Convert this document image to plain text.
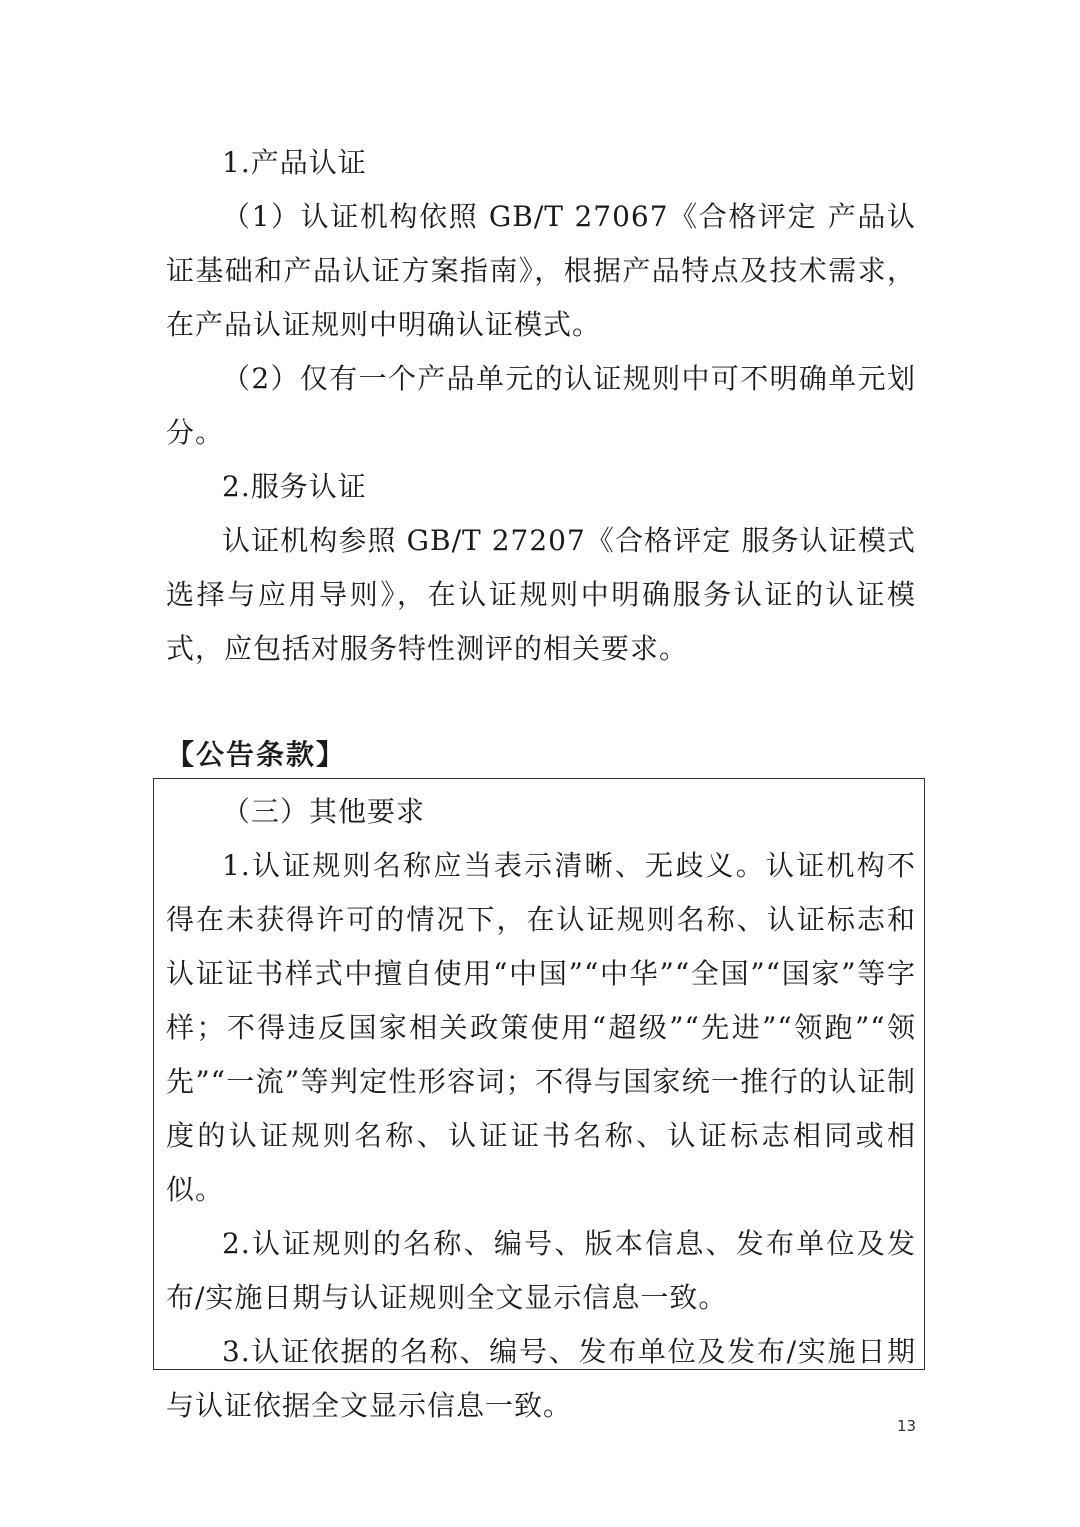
1.产品认证

（1）认证机构依照 GB/T 27067《合格评定 产品认证基础和产品认证方案指南》，根据产品特点及技术需求，在产品认证规则中明确认证模式。

（2）仅有一个产品单元的认证规则中可不明确单元划分。

2.服务认证

认证机构参照 GB/T 27207《合格评定 服务认证模式选择与应用导则》，在认证规则中明确服务认证的认证模式，应包括对服务特性测评的相关要求。

【公告条款】

（三）其他要求

1.认证规则名称应当表示清晰、无歧义。认证机构不得在未获得许可的情况下，在认证规则名称、认证标志和认证证书样式中擅自使用“中国”“中华”“全国”“国家”等字样；不得违反国家相关政策使用“超级”“先进”“领跑”“领先”“一流”等判定性形容词；不得与国家统一推行的认证制度的认证规则名称、认证证书名称、认证标志相同或相似。

2.认证规则的名称、编号、版本信息、发布单位及发布/实施日期与认证规则全文显示信息一致。

3.认证依据的名称、编号、发布单位及发布/实施日期与认证依据全文显示信息一致。

13
